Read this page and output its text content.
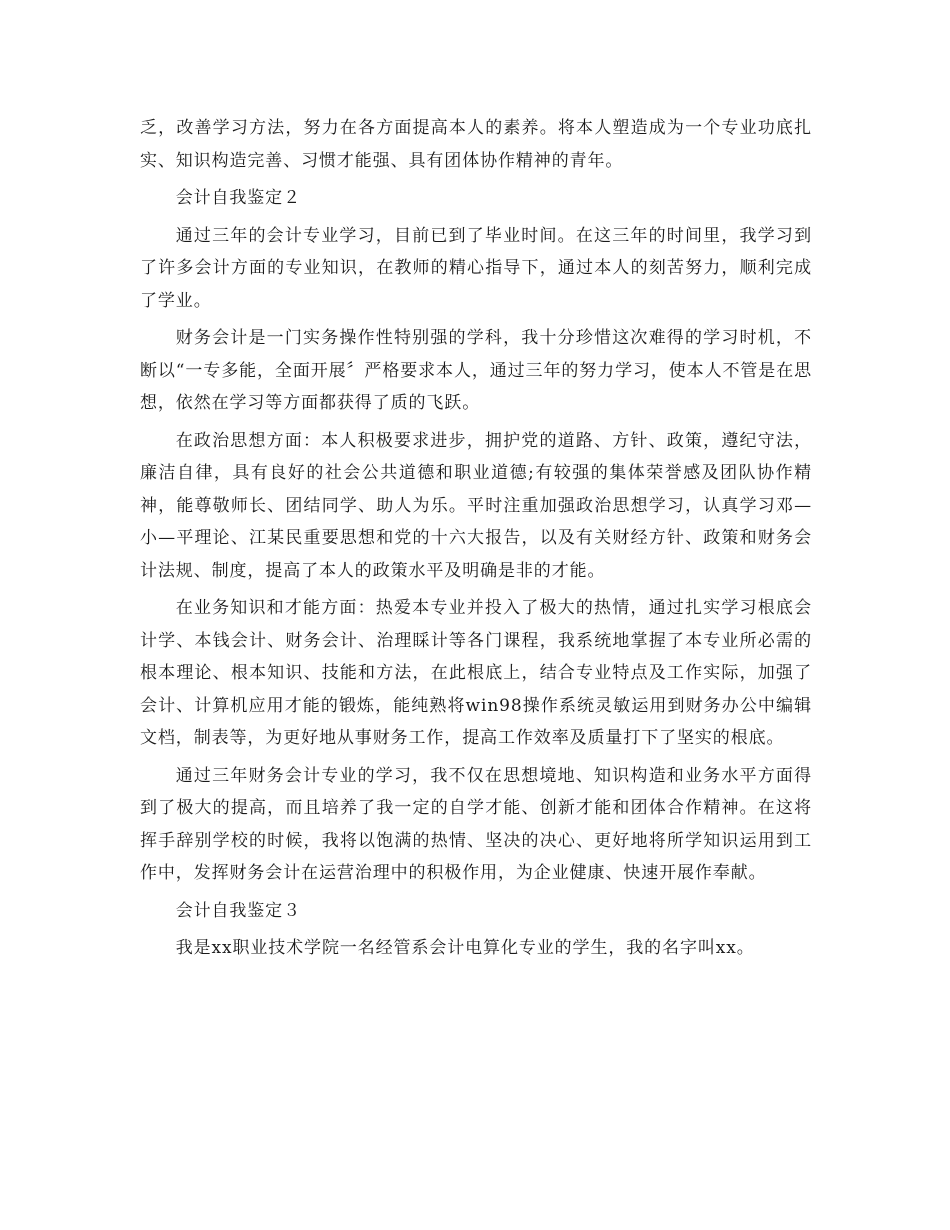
乏，改善学习方法，努力在各方面提高本人的素养。将本人塑造成为一个专业功底扎实、知识构造完善、习惯才能强、具有团体协作精神的青年。

会计自我鉴定２

通过三年的会计专业学习，目前已到了毕业时间。在这三年的时间里，我学习到了许多会计方面的专业知识，在教师的精心指导下，通过本人的刻苦努力，顺利完成了学业。

财务会计是一门实务操作性特别强的学科，我十分珍惜这次难得的学习时机，不断以“一专多能，全面开展〞严格要求本人，通过三年的努力学习，使本人不管是在思想，依然在学习等方面都获得了质的飞跃。

在政治思想方面：本人积极要求进步，拥护党的道路、方针、政策，遵纪守法，廉洁自律，具有良好的社会公共道德和职业道德;有较强的集体荣誉感及团队协作精神，能尊敬师长、团结同学、助人为乐。平时注重加强政治思想学习，认真学习邓—小—平理论、江某民重要思想和党的十六大报告，以及有关财经方针、政策和财务会计法规、制度，提高了本人的政策水平及明确是非的才能。

在业务知识和才能方面：热爱本专业并投入了极大的热情，通过扎实学习根底会计学、本钱会计、财务会计、治理睬计等各门课程，我系统地掌握了本专业所必需的根本理论、根本知识、技能和方法，在此根底上，结合专业特点及工作实际，加强了会计、计算机应用才能的锻炼，能纯熟将win98操作系统灵敏运用到财务办公中编辑文档，制表等，为更好地从事财务工作，提高工作效率及质量打下了坚实的根底。

通过三年财务会计专业的学习，我不仅在思想境地、知识构造和业务水平方面得到了极大的提高，而且培养了我一定的自学才能、创新才能和团体合作精神。在这将挥手辞别学校的时候，我将以饱满的热情、坚决的决心、更好地将所学知识运用到工作中，发挥财务会计在运营治理中的积极作用，为企业健康、快速开展作奉献。

会计自我鉴定３

我是xx职业技术学院一名经管系会计电算化专业的学生，我的名字叫xx。
